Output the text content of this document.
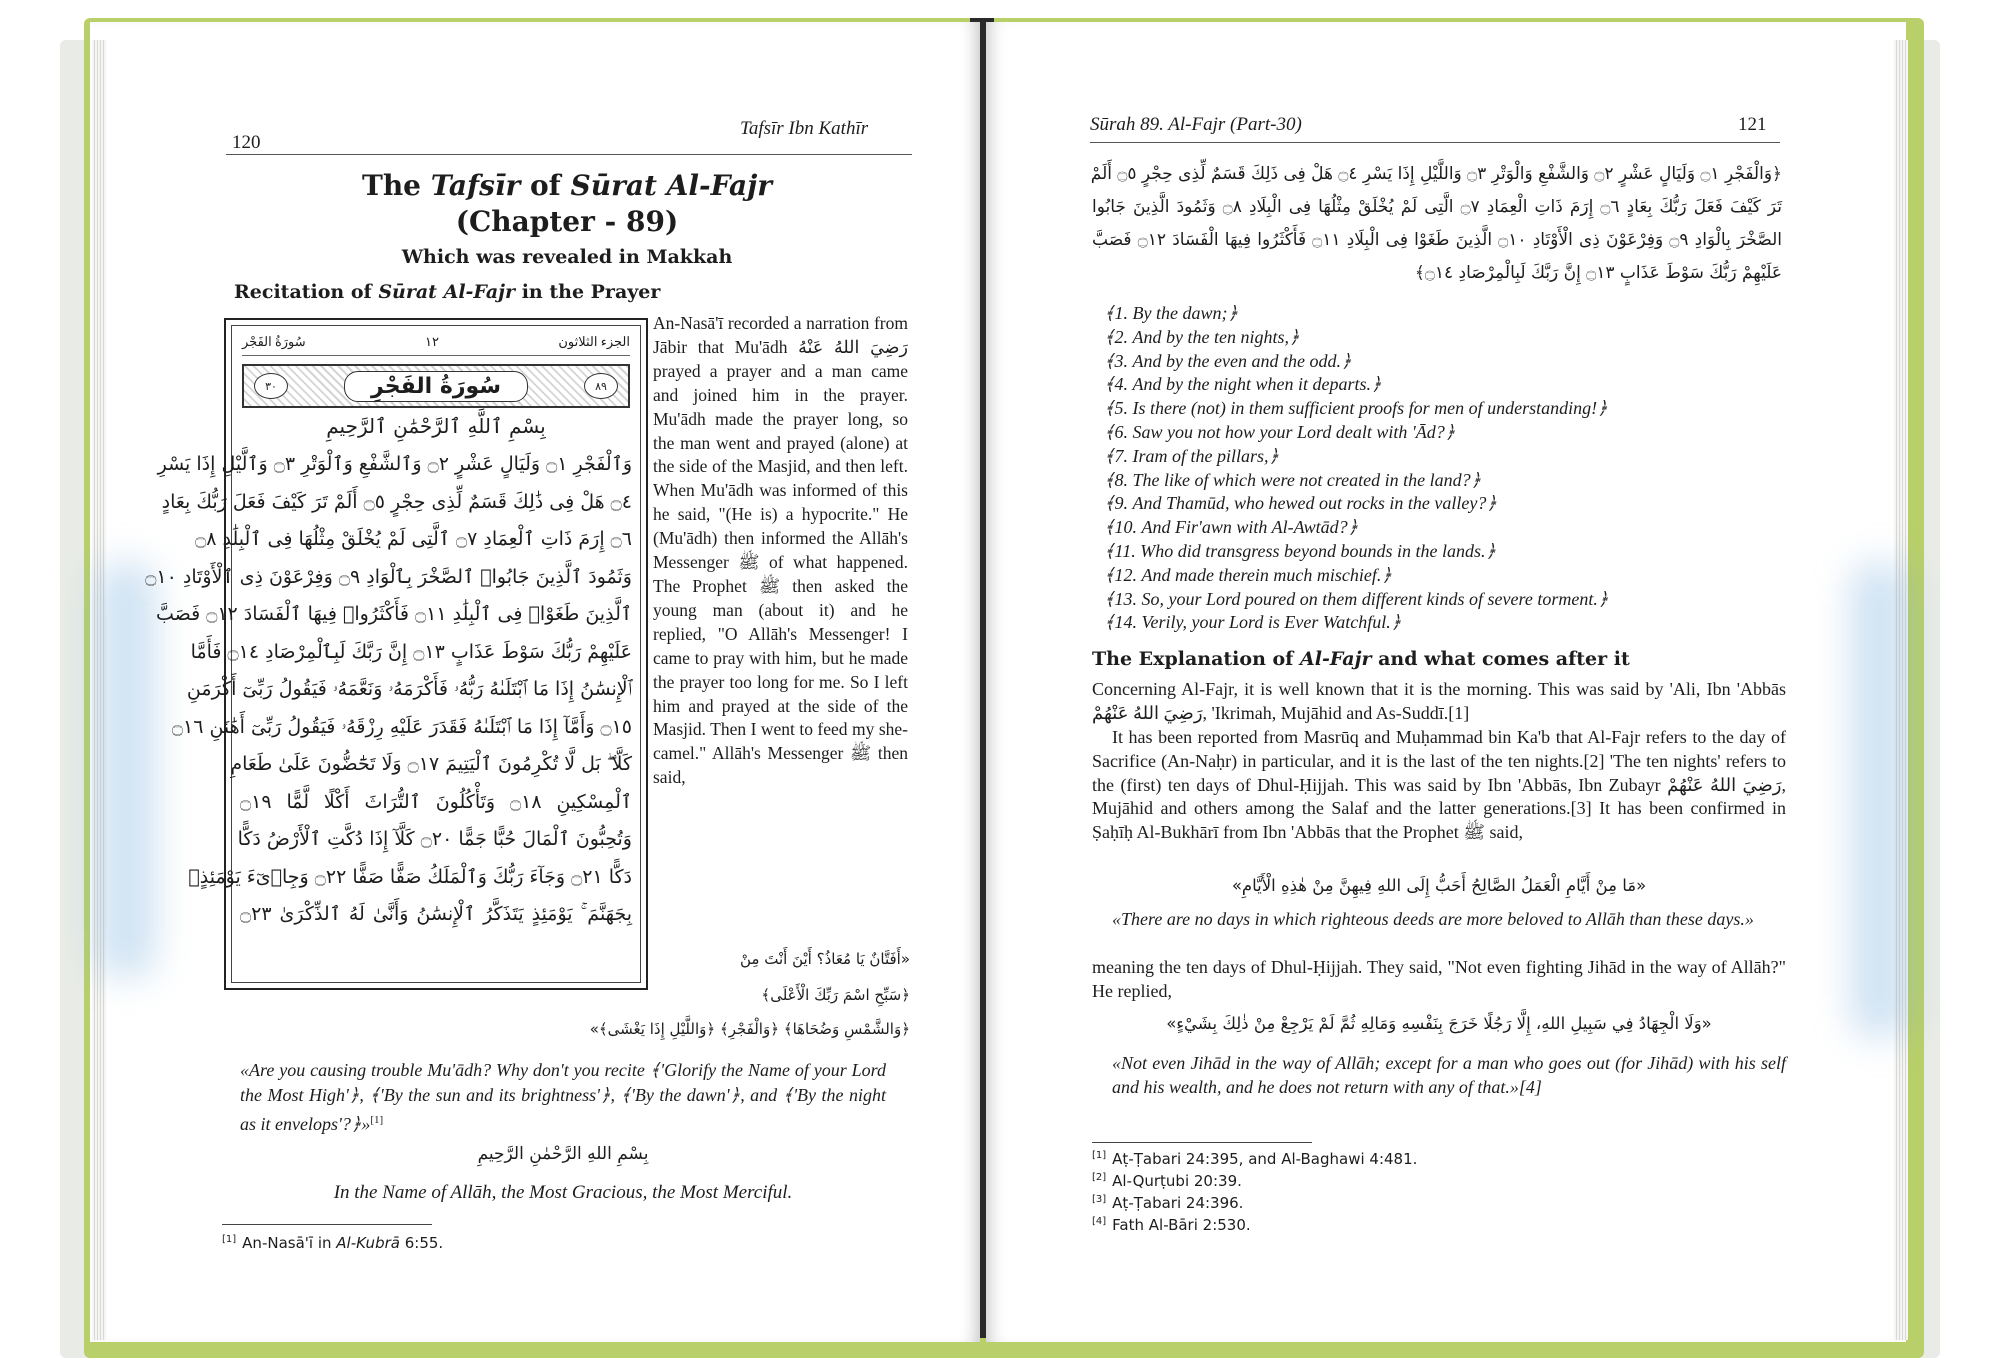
120
Tafsīr Ibn Kathīr
The Tafsīr of Sūrat Al-Fajr
(Chapter - 89)
Which was revealed in Makkah
Recitation of Sūrat Al-Fajr in the Prayer
الجزء الثلاثون
١٢
سُورَةُ الفَجْر
٣٠	سُورَةُ الفَجْرِ	٨٩
بِسْمِ ٱللَّهِ ٱلرَّحْمَٰنِ ٱلرَّحِيمِ
وَٱلْفَجْرِ ۝١ وَلَيَالٍ عَشْرٍ ۝٢ وَٱلشَّفْعِ وَٱلْوَتْرِ ۝٣ وَٱلَّيْلِ إِذَا يَسْرِ
۝٤ هَلْ فِى ذَٰلِكَ قَسَمٌ لِّذِى حِجْرٍ ۝٥ أَلَمْ تَرَ كَيْفَ فَعَلَ رَبُّكَ بِعَادٍ
۝٦ إِرَمَ ذَاتِ ٱلْعِمَادِ ۝٧ ٱلَّتِى لَمْ يُخْلَقْ مِثْلُهَا فِى ٱلْبِلَٰدِ ۝٨
وَثَمُودَ ٱلَّذِينَ جَابُوا۟ ٱلصَّخْرَ بِٱلْوَادِ ۝٩ وَفِرْعَوْنَ ذِى ٱلْأَوْتَادِ ۝١٠
ٱلَّذِينَ طَغَوْا۟ فِى ٱلْبِلَٰدِ ۝١١ فَأَكْثَرُوا۟ فِيهَا ٱلْفَسَادَ ۝١٢ فَصَبَّ
عَلَيْهِمْ رَبُّكَ سَوْطَ عَذَابٍ ۝١٣ إِنَّ رَبَّكَ لَبِٱلْمِرْصَادِ ۝١٤ فَأَمَّا
ٱلْإِنسَٰنُ إِذَا مَا ٱبْتَلَىٰهُ رَبُّهُۥ فَأَكْرَمَهُۥ وَنَعَّمَهُۥ فَيَقُولُ رَبِّىٓ أَكْرَمَنِ
۝١٥ وَأَمَّآ إِذَا مَا ٱبْتَلَىٰهُ فَقَدَرَ عَلَيْهِ رِزْقَهُۥ فَيَقُولُ رَبِّىٓ أَهَٰنَنِ ۝١٦
كَلَّا ۖ بَل لَّا تُكْرِمُونَ ٱلْيَتِيمَ ۝١٧ وَلَا تَحَٰٓضُّونَ عَلَىٰ طَعَامِ
ٱلْمِسْكِينِ ۝١٨ وَتَأْكُلُونَ ٱلتُّرَاثَ أَكْلًا لَّمًّا ۝١٩
وَتُحِبُّونَ ٱلْمَالَ حُبًّا جَمًّا ۝٢٠ كَلَّآ إِذَا دُكَّتِ ٱلْأَرْضُ دَكًّا
دَكًّا ۝٢١ وَجَآءَ رَبُّكَ وَٱلْمَلَكُ صَفًّا صَفًّا ۝٢٢ وَجِا۟ىٓءَ يَوْمَئِذٍۭ
بِجَهَنَّمَ ۚ يَوْمَئِذٍ يَتَذَكَّرُ ٱلْإِنسَٰنُ وَأَنَّىٰ لَهُ ٱلذِّكْرَىٰ ۝٢٣
An-Nasā'ī recorded a narration from Jābir that Mu'ādh رَضِيَ اللهُ عَنْهُ prayed a prayer and a man came and joined him in the prayer. Mu'ādh made the prayer long, so the man went and prayed (alone) at the side of the Masjid, and then left. When Mu'ādh was informed of this he said, "(He is) a hypocrite." He (Mu'ādh) then informed the Allāh's Messenger ﷺ of what happened. The Prophet ﷺ then asked the young man (about it) and he replied, "O Allāh's Messenger! I came to pray with him, but he made the prayer too long for me. So I left him and prayed at the side of the Masjid. Then I went to feed my she-camel." Allāh's Messenger ﷺ then said,
«أَفَتَّانٌ يَا مُعَاذُ؟ أَيْنَ أَنْتَ مِنْ
﴿سَبِّحِ اسْمَ رَبِّكَ الْأَعْلَى﴾
﴿وَالشَّمْسِ وَضُحَاهَا﴾ ﴿وَالْفَجْرِ﴾ ﴿وَاللَّيْلِ إِذَا يَغْشَى﴾»
«Are you causing trouble Mu'ādh? Why don't you recite ﴾'Glorify the Name of your Lord the Most High'﴿, ﴾'By the sun and its brightness'﴿, ﴾'By the dawn'﴿, and ﴾'By the night as it envelops'?﴿»[1]
بِسْمِ اللهِ الرَّحْمٰنِ الرَّحِيمِ
In the Name of Allāh, the Most Gracious, the Most Merciful.
[1] An-Nasā'ī in Al-Kubrā 6:55.
Sūrah 89. Al-Fajr (Part-30)	121
﴿وَالْفَجْرِ ۝١ وَلَيَالٍ عَشْرٍ ۝٢ وَالشَّفْعِ وَالْوَتْرِ ۝٣ وَاللَّيْلِ إِذَا يَسْرِ ۝٤ هَلْ فِى ذَلِكَ قَسَمٌ لِّذِى حِجْرٍ ۝٥ أَلَمْ
تَرَ كَيْفَ فَعَلَ رَبُّكَ بِعَادٍ ۝٦ إِرَمَ ذَاتِ الْعِمَادِ ۝٧ الَّتِى لَمْ يُخْلَقْ مِثْلُهَا فِى الْبِلَادِ ۝٨ وَثَمُودَ الَّذِينَ جَابُوا
الصَّخْرَ بِالْوَادِ ۝٩ وَفِرْعَوْنَ ذِى الْأَوْتَادِ ۝١٠ الَّذِينَ طَغَوْا فِى الْبِلَادِ ۝١١ فَأَكْثَرُوا فِيهَا الْفَسَادَ ۝١٢ فَصَبَّ
عَلَيْهِمْ رَبُّكَ سَوْطَ عَذَابٍ ۝١٣ إِنَّ رَبَّكَ لَبِالْمِرْصَادِ ۝١٤﴾
﴾1. By the dawn;﴿
﴾2. And by the ten nights,﴿
﴾3. And by the even and the odd.﴿
﴾4. And by the night when it departs.﴿
﴾5. Is there (not) in them sufficient proofs for men of understanding!﴿
﴾6. Saw you not how your Lord dealt with 'Ād?﴿
﴾7. Iram of the pillars,﴿
﴾8. The like of which were not created in the land?﴿
﴾9. And Thamūd, who hewed out rocks in the valley?﴿
﴾10. And Fir'awn with Al-Awtād?﴿
﴾11. Who did transgress beyond bounds in the lands.﴿
﴾12. And made therein much mischief.﴿
﴾13. So, your Lord poured on them different kinds of severe torment.﴿
﴾14. Verily, your Lord is Ever Watchful.﴿
The Explanation of Al-Fajr and what comes after it
Concerning Al-Fajr, it is well known that it is the morning. This was said by 'Ali, Ibn 'Abbās رَضِيَ اللهُ عَنْهُمْ, 'Ikrimah, Mujāhid and As-Suddī.[1]
It has been reported from Masrūq and Muḥammad bin Ka'b that Al-Fajr refers to the day of Sacrifice (An-Naḥr) in particular, and it is the last of the ten nights.[2] 'The ten nights' refers to the (first) ten days of Dhul-Ḥijjah. This was said by Ibn 'Abbās, Ibn Zubayr رَضِيَ اللهُ عَنْهُمْ, Mujāhid and others among the Salaf and the latter generations.[3] It has been confirmed in Ṣaḥīḥ Al-Bukhārī from Ibn 'Abbās that the Prophet ﷺ said,
«مَا مِنْ أَيَّامِ الْعَمَلُ الصَّالِحُ أَحَبُّ إِلَى اللهِ فِيهِنَّ مِنْ هٰذِهِ الْأَيَّامِ»
«There are no days in which righteous deeds are more beloved to Allāh than these days.»
meaning the ten days of Dhul-Ḥijjah. They said, "Not even fighting Jihād in the way of Allāh?" He replied,
«وَلَا الْجِهَادُ فِي سَبِيلِ اللهِ، إِلَّا رَجُلًا خَرَجَ بِنَفْسِهِ وَمَالِهِ ثُمَّ لَمْ يَرْجِعْ مِنْ ذٰلِكَ بِشَيْءٍ»
«Not even Jihād in the way of Allāh; except for a man who goes out (for Jihād) with his self and his wealth, and he does not return with any of that.»[4]
[1] Aṭ-Ṭabari 24:395, and Al-Baghawi 4:481.
[2] Al-Qurṭubi 20:39.
[3] Aṭ-Ṭabari 24:396.
[4] Fath Al-Bāri 2:530.
